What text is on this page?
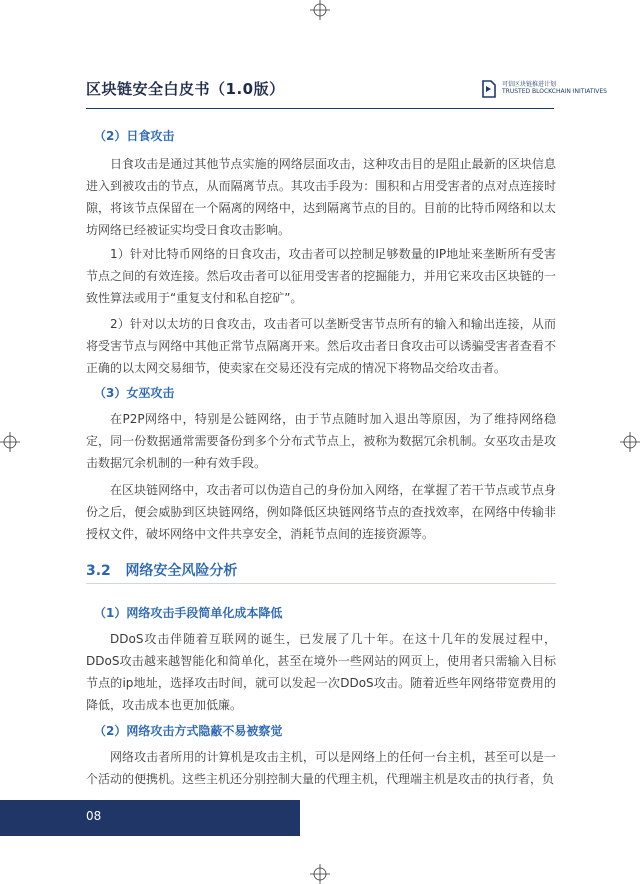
区块链安全白皮书（1.0版）	可信区块链推进计划
TRUSTED BLOCKCHAIN INITIATIVES
（2）日食攻击
日食攻击是通过其他节点实施的网络层面攻击，这种攻击目的是阻止最新的区块信息进入到被攻击的节点，从而隔离节点。其攻击手段为：围积和占用受害者的点对点连接时隙，将该节点保留在一个隔离的网络中，达到隔离节点的目的。目前的比特币网络和以太坊网络已经被证实均受日食攻击影响。
1）针对比特币网络的日食攻击，攻击者可以控制足够数量的IP地址来垄断所有受害节点之间的有效连接。然后攻击者可以征用受害者的挖掘能力，并用它来攻击区块链的一致性算法或用于“重复支付和私自挖矿”。
2）针对以太坊的日食攻击，攻击者可以垄断受害节点所有的输入和输出连接，从而将受害节点与网络中其他正常节点隔离开来。然后攻击者日食攻击可以诱骗受害者查看不正确的以太网交易细节，使卖家在交易还没有完成的情况下将物品交给攻击者。
（3）女巫攻击
在P2P网络中，特别是公链网络，由于节点随时加入退出等原因，为了维持网络稳定，同一份数据通常需要备份到多个分布式节点上，被称为数据冗余机制。女巫攻击是攻击数据冗余机制的一种有效手段。
在区块链网络中，攻击者可以伪造自己的身份加入网络，在掌握了若干节点或节点身份之后，便会威胁到区块链网络，例如降低区块链网络节点的查找效率，在网络中传输非授权文件，破坏网络中文件共享安全，消耗节点间的连接资源等。
3.2 网络安全风险分析
（1）网络攻击手段简单化成本降低
DDoS攻击伴随着互联网的诞生，已发展了几十年。在这十几年的发展过程中，DDoS攻击越来越智能化和简单化，甚至在境外一些网站的网页上，使用者只需输入目标节点的ip地址，选择攻击时间，就可以发起一次DDoS攻击。随着近些年网络带宽费用的降低，攻击成本也更加低廉。
（2）网络攻击方式隐蔽不易被察觉
网络攻击者所用的计算机是攻击主机，可以是网络上的任何一台主机，甚至可以是一个活动的便携机。这些主机还分别控制大量的代理主机，代理端主机是攻击的执行者，负
08
